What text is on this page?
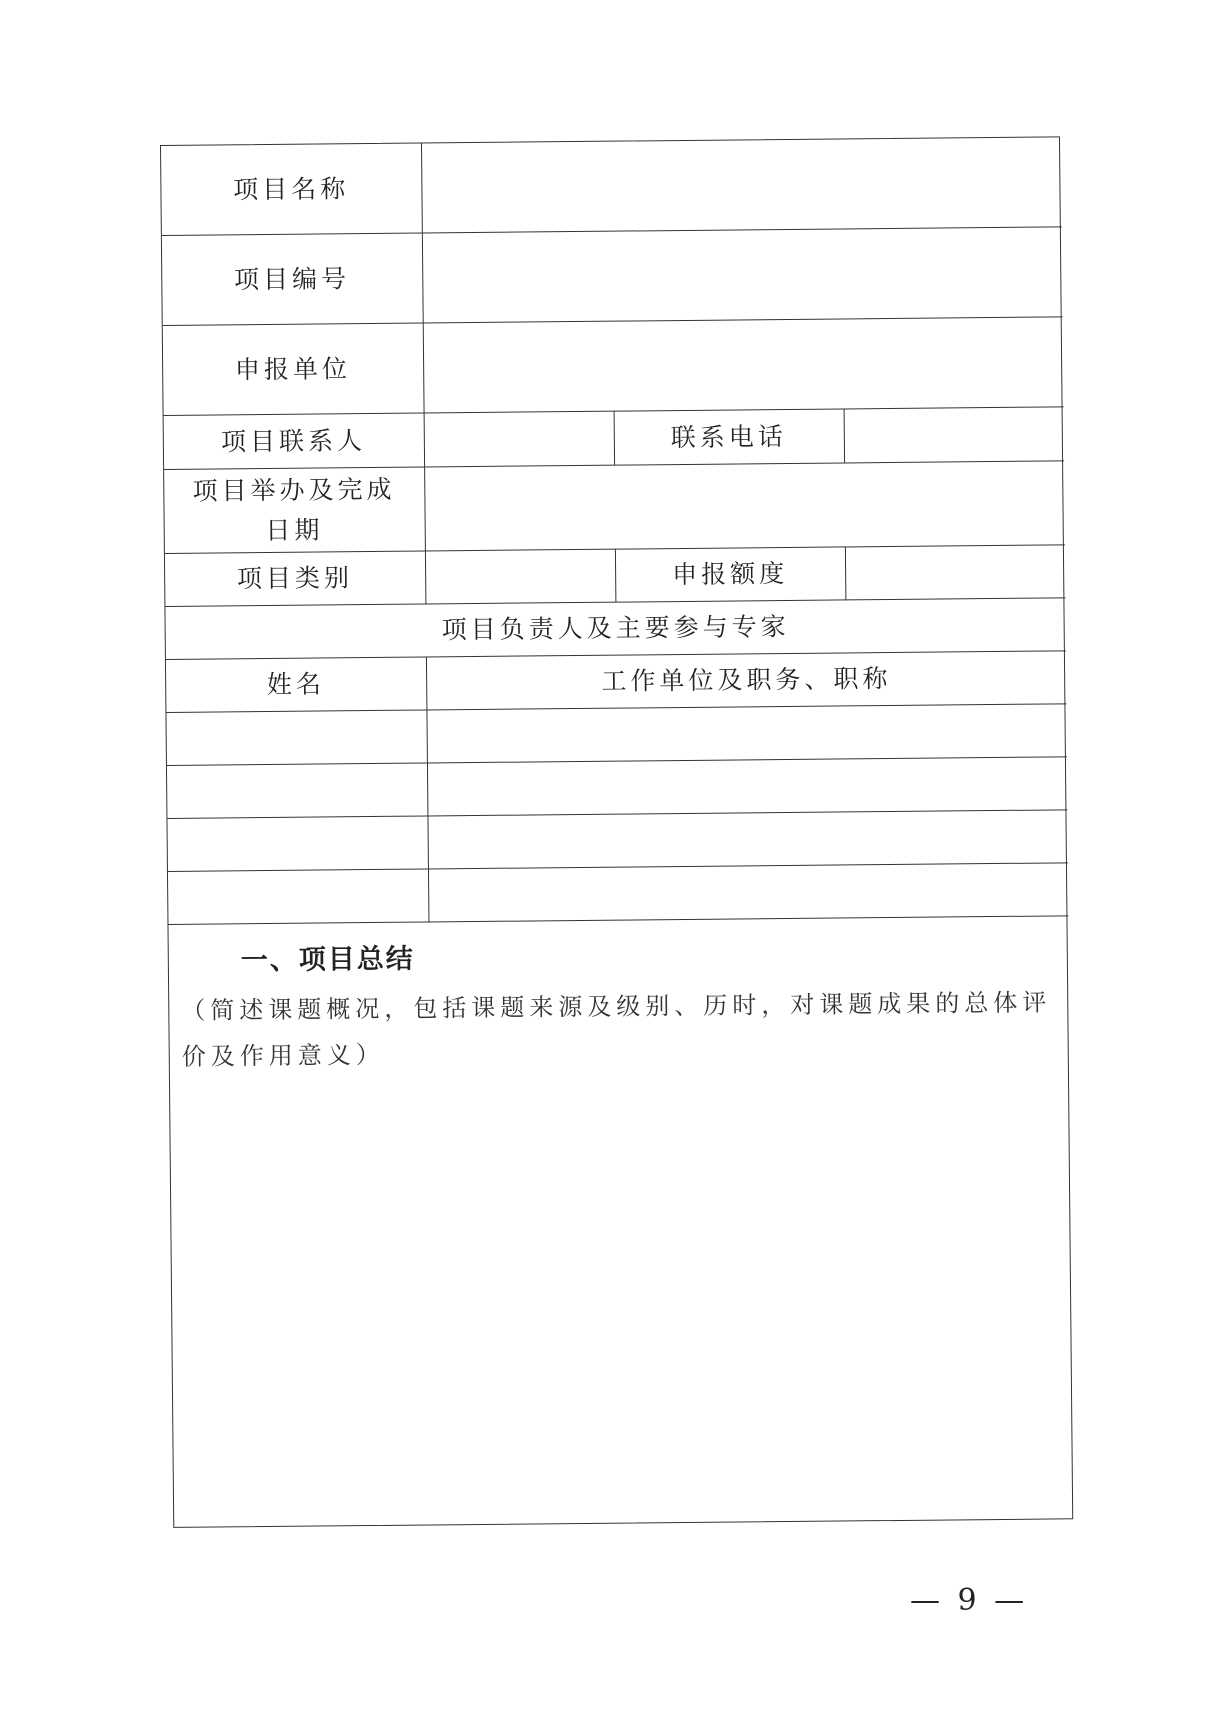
项目名称			
项目编号			
申报单位			
项目联系人		联系电话	

项目举办及完成
日期			

项目类别		申报额度	
项目负责人及主要参与专家			
姓名	工作单位及职务、职称		

一、项目总结
（简述课题概况，包括课题来源及级别、历时，对课题成果的总体评价及作用意义）
— 9 —
